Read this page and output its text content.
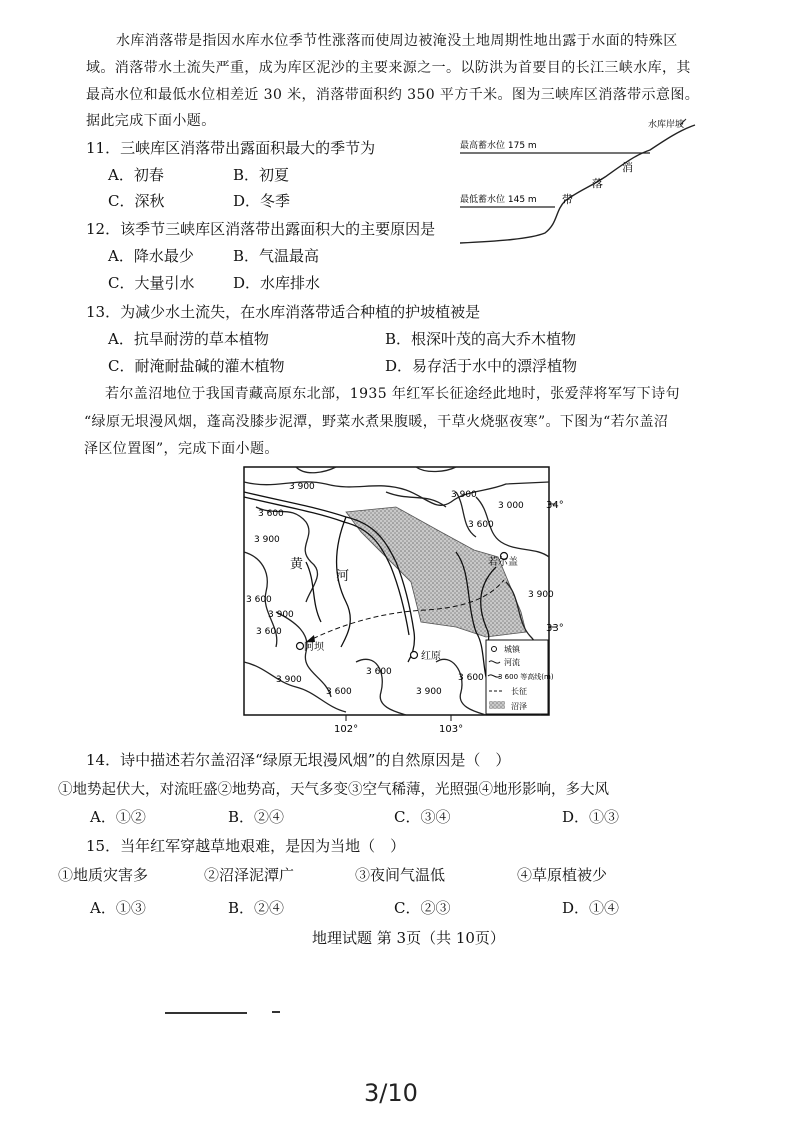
水库消落带是指因水库水位季节性涨落而使周边被淹没土地周期性地出露于水面的特殊区
域。消落带水土流失严重，成为库区泥沙的主要来源之一。以防洪为首要目的长江三峡水库，其
最高水位和最低水位相差近 30 米，消落带面积约 350 平方千米。图为三峡库区消落带示意图。
据此完成下面小题。
最高蓄水位 175 m
最低蓄水位 145 m
水库岸坡
消
落
带
11．三峡库区消落带出露面积最大的季节为
A．初春	B．初夏
C．深秋	D．冬季
12．该季节三峡库区消落带出露面积大的主要原因是
A．降水最少	B．气温最高
C．大量引水	D．水库排水
13．为减少水土流失，在水库消落带适合种植的护坡植被是
A．抗旱耐涝的草本植物	B．根深叶茂的高大乔木植物
C．耐淹耐盐碱的灌木植物	D．易存活于水中的漂浮植物
若尔盖沼地位于我国青藏高原东北部，1935 年红军长征途经此地时，张爱萍将军写下诗句
“绿原无垠漫风烟，蓬高没膝步泥潭，野菜水煮果腹暖，干草火烧驱夜寒”。下图为“若尔盖沼
泽区位置图”，完成下面小题。
黄
河
若尔盖
阿坝
红原
3 900
3 600
3 900
3 600
3 900
3 000
3 600
3 900
3 900
3 600
3 600
3 900
3 600	3 900
3 600
34°
33°
102°	103°
城镇
河流
3 600 等高线(m)
长征
沼泽
14．诗中描述若尔盖沼泽“绿原无垠漫风烟”的自然原因是（　）
①地势起伏大，对流旺盛②地势高，天气多变③空气稀薄，光照强④地形影响，多大风
A．①②	B．②④	C．③④	D．①③
15．当年红军穿越草地艰难，是因为当地（　）
①地质灾害多	②沼泽泥潭广	③夜间气温低	④草原植被少
A．①③	B．②④	C．②③	D．①④
地理试题 第 3页（共 10页）
3/10
